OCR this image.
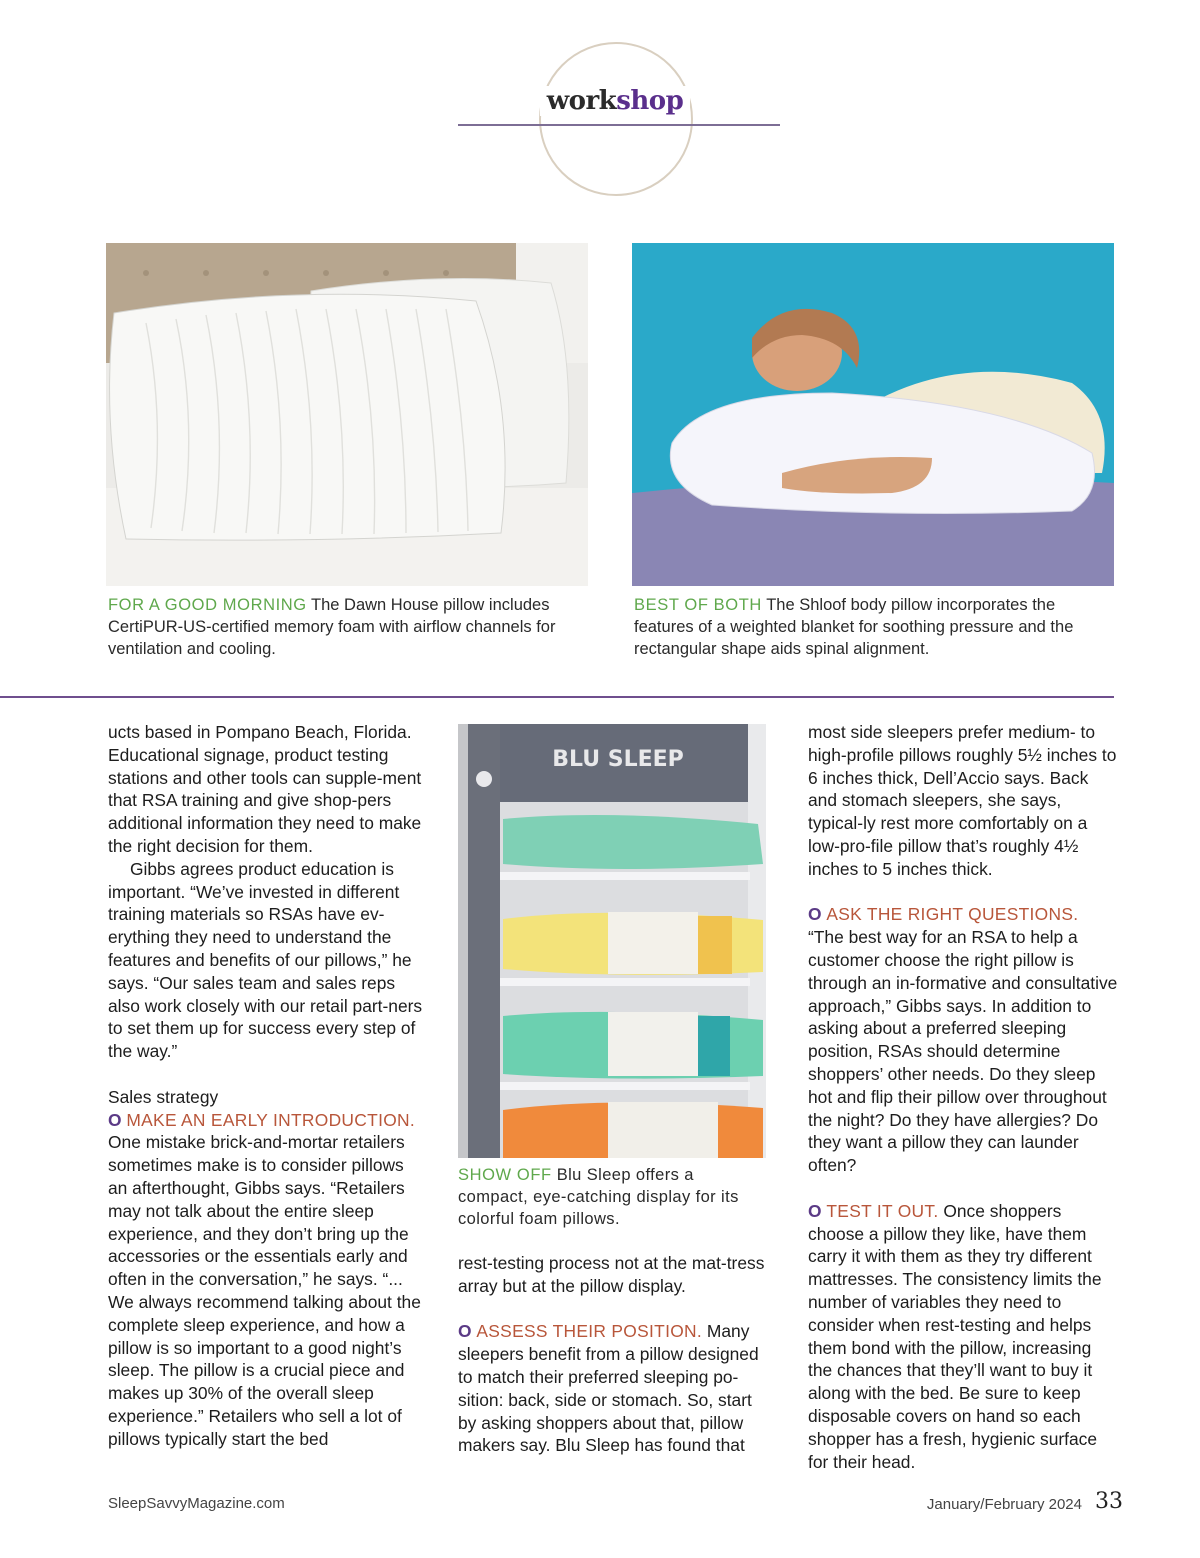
workshop
FOR A GOOD MORNING The Dawn House pillow includes CertiPUR-US-certified memory foam with airflow channels for ventilation and cooling.
BEST OF BOTH The Shloof body pillow incorporates the features of a weighted blanket for soothing pressure and the rectangular shape aids spinal alignment.

ucts based in Pompano Beach, Florida. Educational signage, product testing stations and other tools can supple-ment that RSA training and give shop-pers additional information they need to make the right decision for them.

Gibbs agrees product education is important. “We’ve invested in different training materials so RSAs have ev-erything they need to understand the features and benefits of our pillows,” he says. “Our sales team and sales reps also work closely with our retail part-ners to set them up for success every step of the way.”

Sales strategy

O MAKE AN EARLY INTRODUCTION.

One mistake brick-and-mortar retailers sometimes make is to consider pillows an afterthought, Gibbs says. “Retailers may not talk about the entire sleep experience, and they don’t bring up the accessories or the essentials early and often in the conversation,” he says. “... We always recommend talking about the complete sleep experience, and how a pillow is so important to a good night’s sleep. The pillow is a crucial piece and makes up 30% of the overall sleep experience.” Retailers who sell a lot of pillows typically start the bed

BLU SLEEP
SHOW OFF Blu Sleep offers a compact, eye-catching display for its colorful foam pillows.

rest-testing process not at the mat-tress array but at the pillow display.

O ASSESS THEIR POSITION. Many sleepers benefit from a pillow designed to match their preferred sleeping po-sition: back, side or stomach. So, start by asking shoppers about that, pillow makers say. Blu Sleep has found that

most side sleepers prefer medium- to high-profile pillows roughly 5½ inches to 6 inches thick, Dell’Accio says. Back and stomach sleepers, she says, typical-ly rest more comfortably on a low-pro-file pillow that’s roughly 4½ inches to 5 inches thick.

O ASK THE RIGHT QUESTIONS. “The best way for an RSA to help a customer choose the right pillow is through an in-formative and consultative approach,” Gibbs says. In addition to asking about a preferred sleeping position, RSAs should determine shoppers’ other needs. Do they sleep hot and flip their pillow over throughout the night? Do they have allergies? Do they want a pillow they can launder often?

O TEST IT OUT. Once shoppers choose a pillow they like, have them carry it with them as they try different mattresses. The consistency limits the number of variables they need to consider when rest-testing and helps them bond with the pillow, increasing the chances that they’ll want to buy it along with the bed. Be sure to keep disposable covers on hand so each shopper has a fresh, hygienic surface for their head.

SleepSavvyMagazine.com	January/February 2024 33
